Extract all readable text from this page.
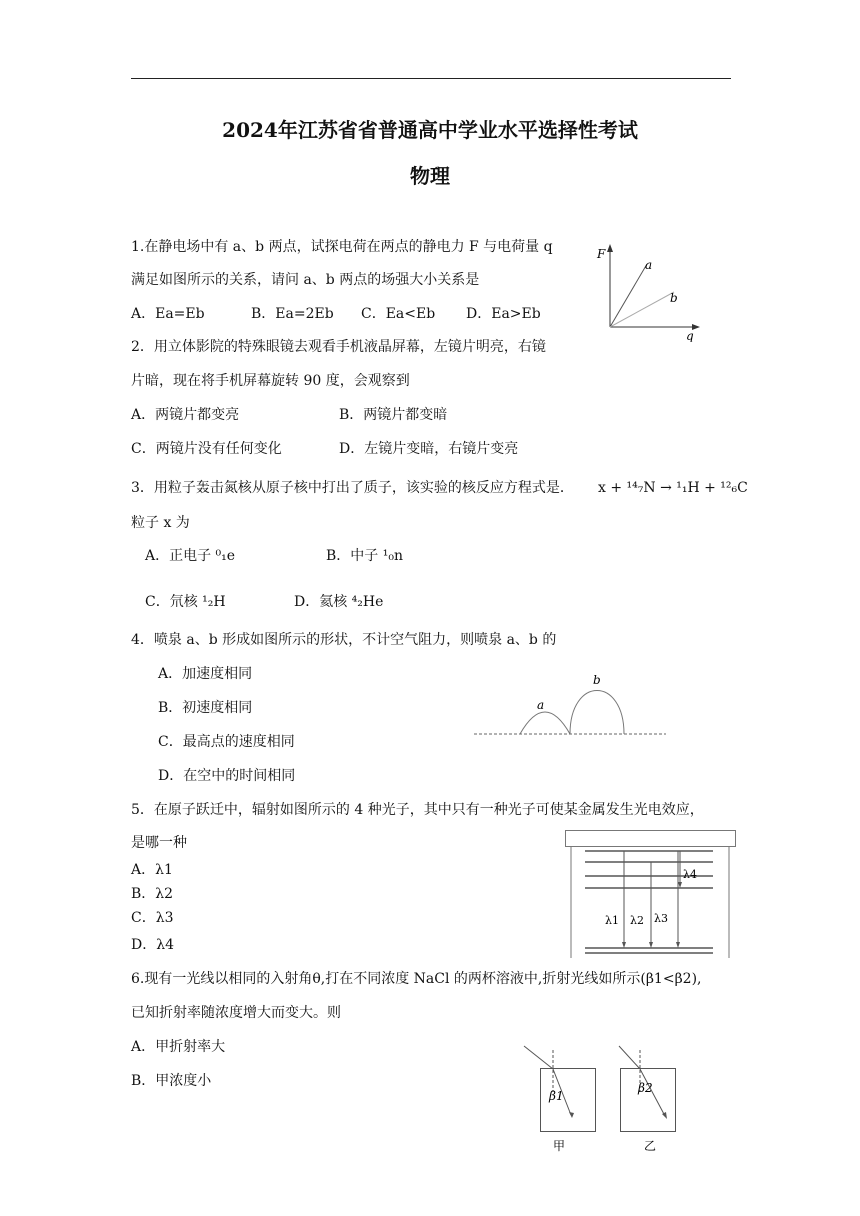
2024年江苏省省普通高中学业水平选择性考试
物理
1.在静电场中有 a、b 两点，试探电荷在两点的静电力 F 与电荷量 q
满足如图所示的关系，请问 a、b 两点的场强大小关系是
A．Ea=Eb	B．Ea=2Eb C．Ea<Eb D．Ea>Eb
F
q
a
b
2．用立体影院的特殊眼镜去观看手机液晶屏幕，左镜片明亮，右镜
片暗，现在将手机屏幕旋转 90 度，会观察到
A．两镜片都变亮	B．两镜片都变暗
C．两镜片没有任何变化	D．左镜片变暗，右镜片变亮
3．用粒子轰击氮核从原子核中打出了质子，该实验的核反应方程式是． x + ¹⁴₇N → ¹₁H + ¹²₆C
粒子 x 为
A．正电子 ⁰₁e	B．中子 ¹₀n
C．氘核 ¹₂H	D．氦核 ⁴₂He
4．喷泉 a、b 形成如图所示的形状，不计空气阻力，则喷泉 a、b 的
A．加速度相同
B．初速度相同
C．最高点的速度相同
D．在空中的时间相同
a
b
5．在原子跃迁中，辐射如图所示的 4 种光子，其中只有一种光子可使某金属发生光电效应，
是哪一种
A．λ1
B．λ2
C．λ3
D．λ4
λ1 λ2 λ3
λ4
6.现有一光线以相同的入射角θ,打在不同浓度 NaCl 的两杯溶液中,折射光线如所示(β1<β2),
已知折射率随浓度增大而变大。则
A．甲折射率大
B．甲浓度小
β1
甲
β2
乙
